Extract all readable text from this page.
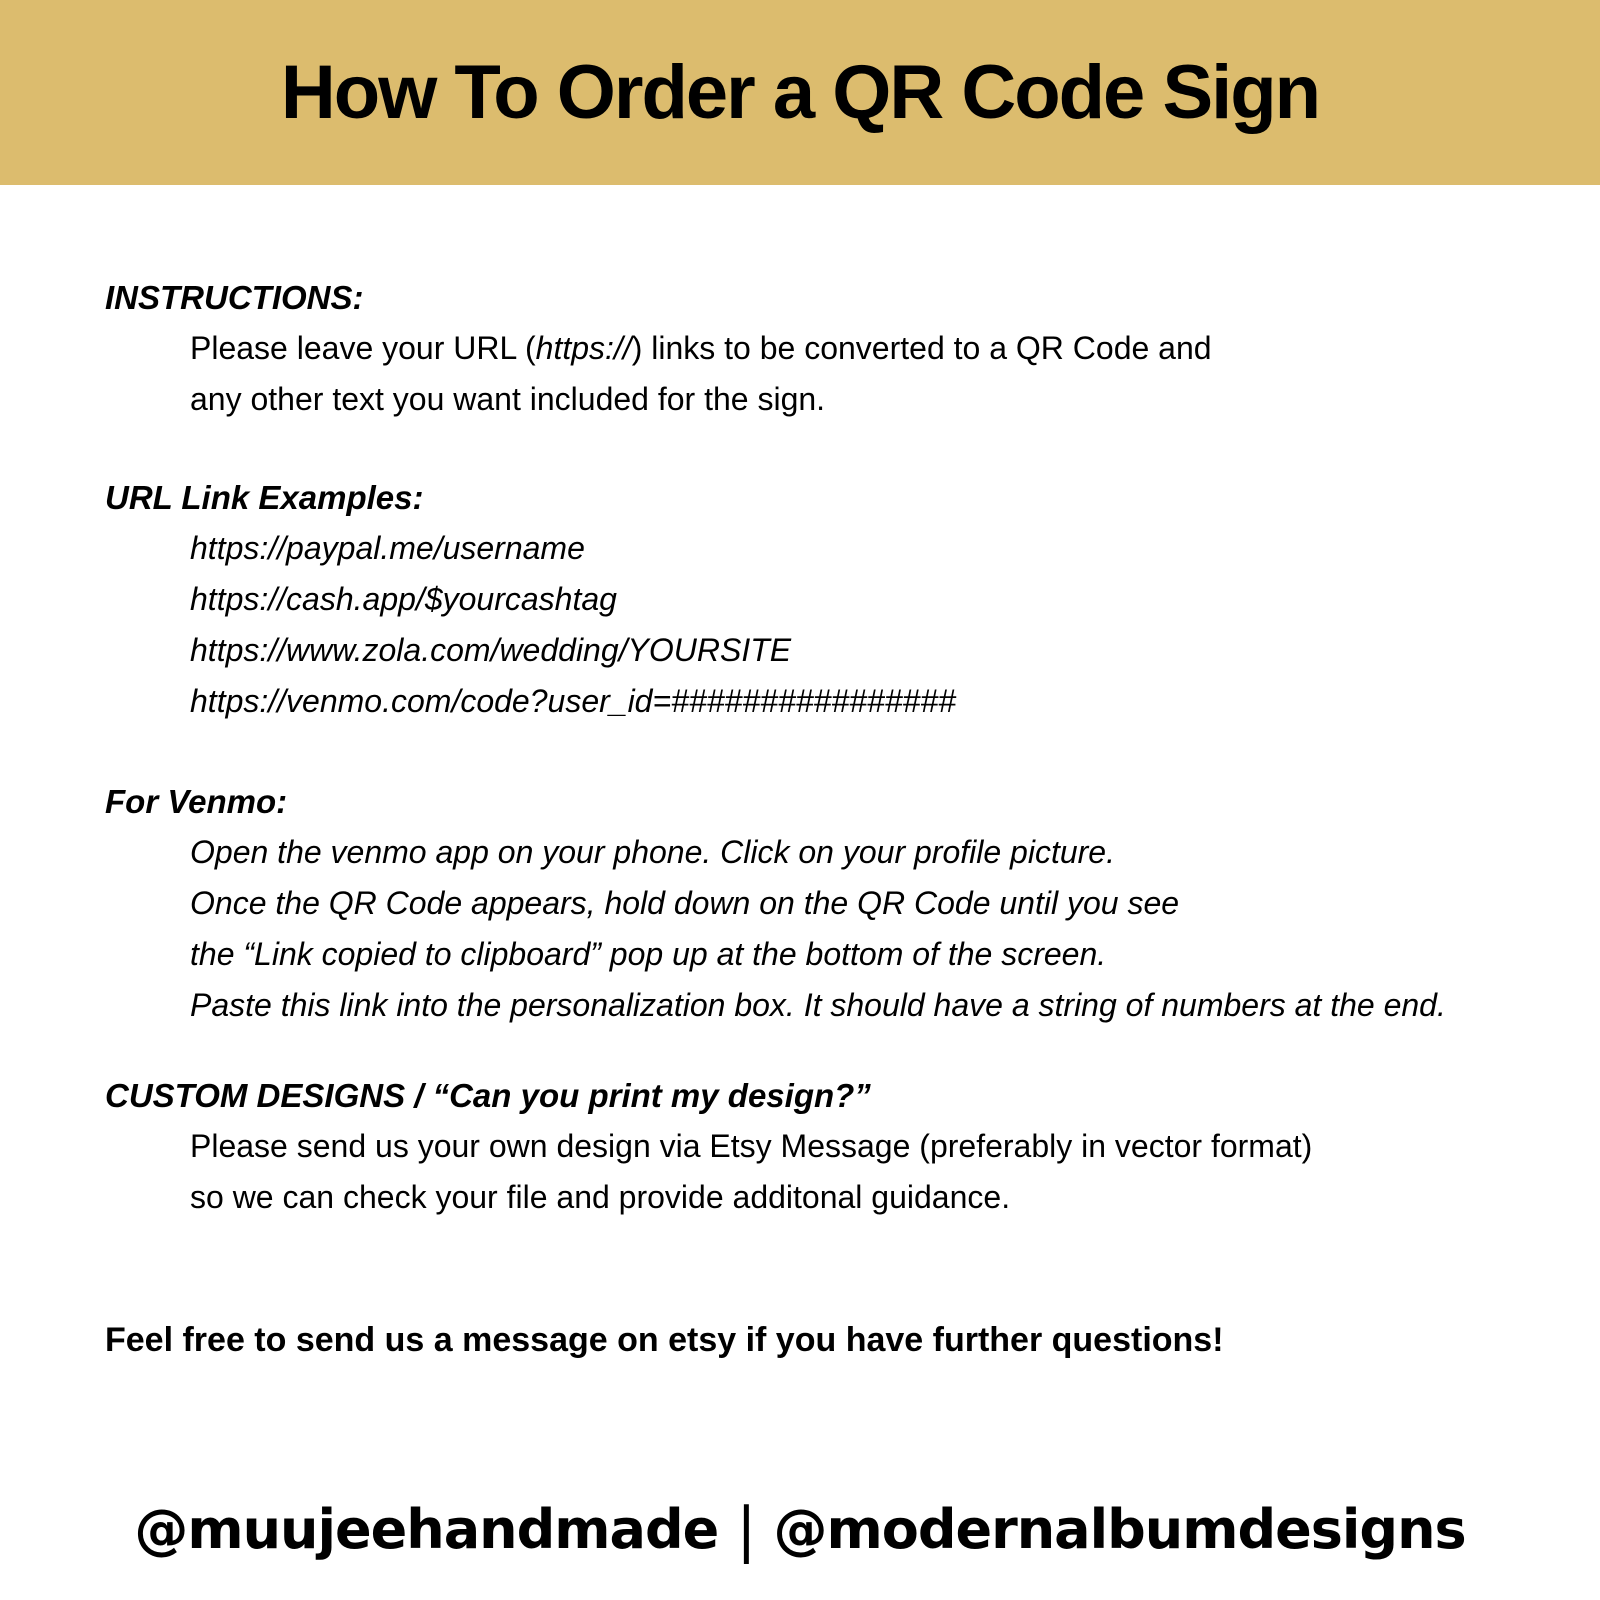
How To Order a QR Code Sign
INSTRUCTIONS:
Please leave your URL (https://) links to be converted to a QR Code and
any other text you want included for the sign.
URL Link Examples:
https://paypal.me/username
https://cash.app/$yourcashtag
https://www.zola.com/wedding/YOURSITE
https://venmo.com/code?user_id=################
For Venmo:
Open the venmo app on your phone. Click on your profile picture.
Once the QR Code appears, hold down on the QR Code until you see
the “Link copied to clipboard” pop up at the bottom of the screen.
Paste this link into the personalization box. It should have a string of numbers at the end.
CUSTOM DESIGNS / “Can you print my design?”
Please send us your own design via Etsy Message (preferably in vector format)
so we can check your file and provide additonal guidance.
Feel free to send us a message on etsy if you have further questions!
@muujeehandmade | @modernalbumdesigns
